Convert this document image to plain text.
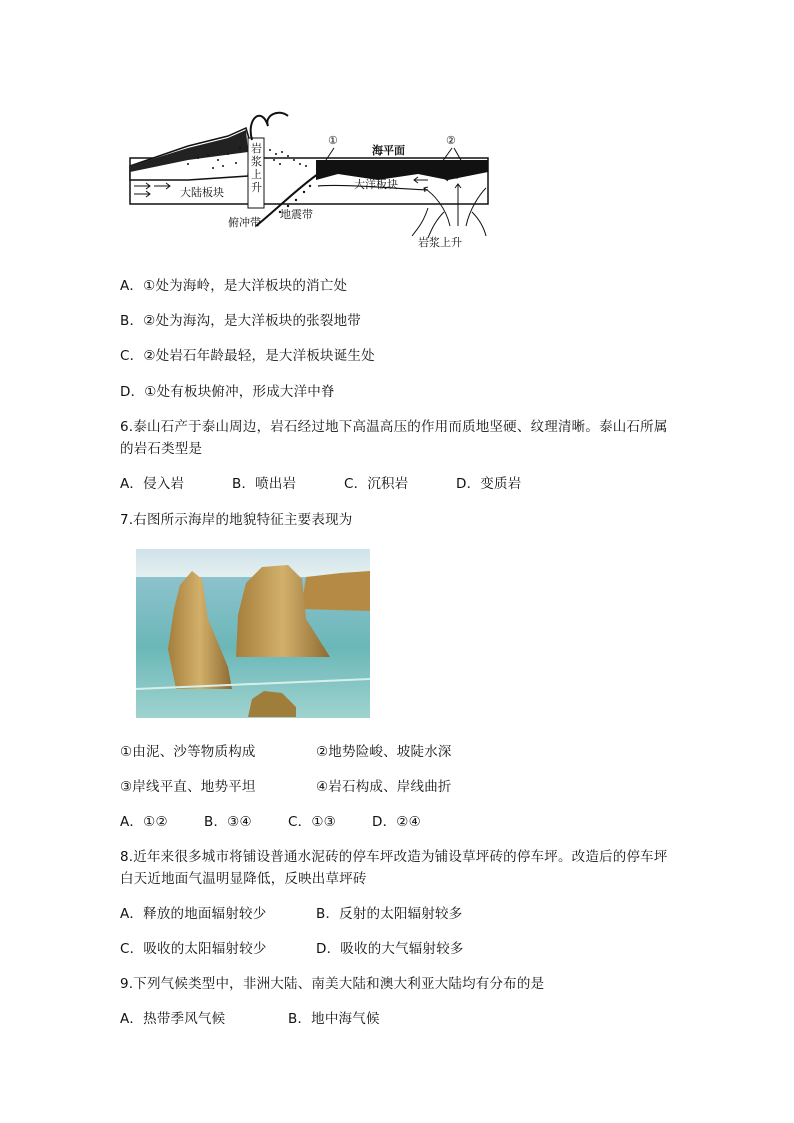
①	②
海平面
大陆板块
大洋板块
俯冲带
地震带
岩浆上升
岩浆上升
A．①处为海岭，是大洋板块的消亡处
B．②处为海沟，是大洋板块的张裂地带
C．②处岩石年龄最轻，是大洋板块诞生处
D．①处有板块俯冲，形成大洋中脊
6.泰山石产于泰山周边，岩石经过地下高温高压的作用而质地坚硬、纹理清晰。泰山石所属
的岩石类型是
A．侵入岩	B．喷出岩	C．沉积岩	D．变质岩
7.右图所示海岸的地貌特征主要表现为
①由泥、沙等物质构成	②地势险峻、坡陡水深
③岸线平直、地势平坦	④岩石构成、岸线曲折
A．①②	B．③④	C．①③	D．②④
8.近年来很多城市将铺设普通水泥砖的停车坪改造为铺设草坪砖的停车坪。改造后的停车坪
白天近地面气温明显降低，反映出草坪砖
A．释放的地面辐射较少	B．反射的太阳辐射较多
C．吸收的太阳辐射较少	D．吸收的大气辐射较多
9.下列气候类型中，非洲大陆、南美大陆和澳大利亚大陆均有分布的是
A．热带季风气候	B．地中海气候
